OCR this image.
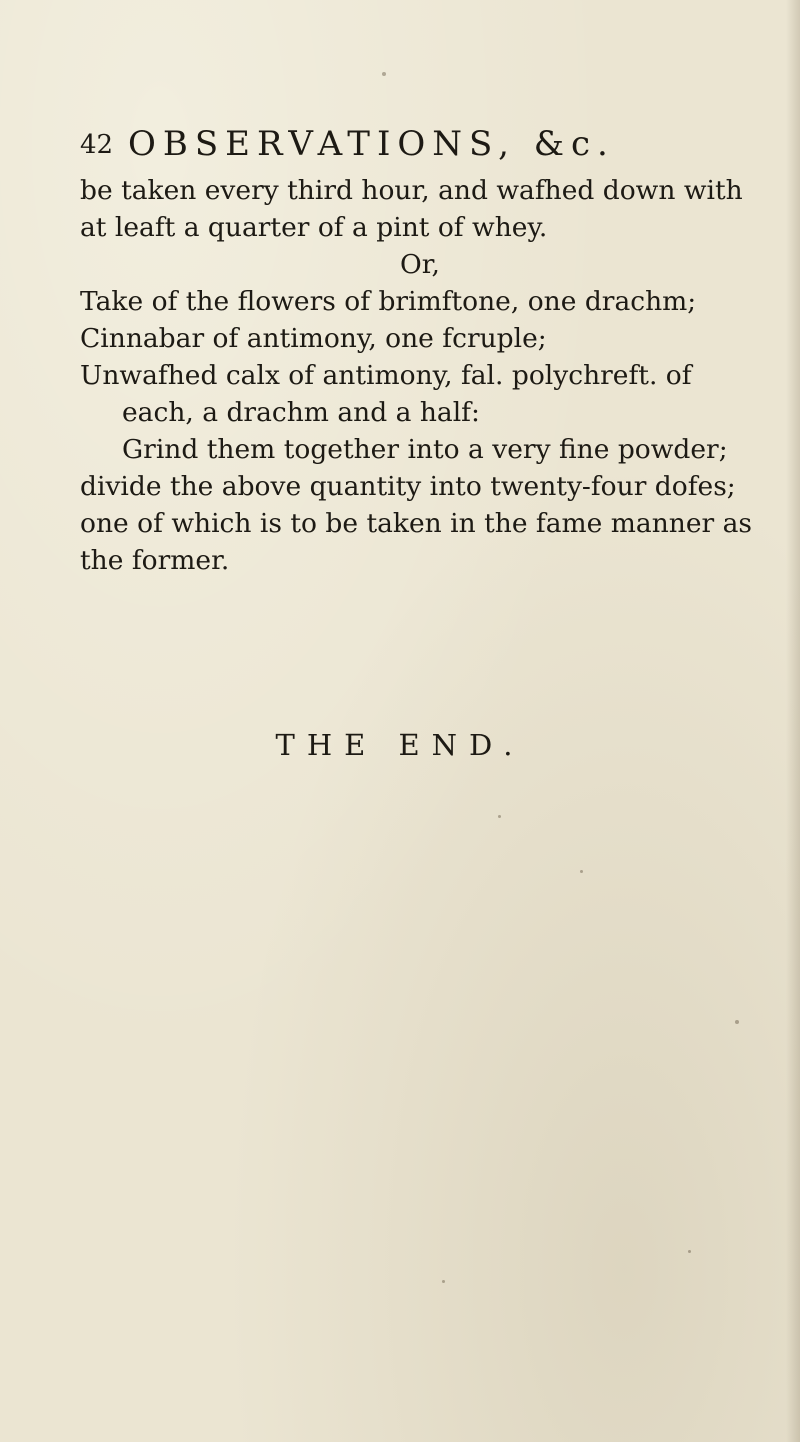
42 OBSERVATIONS, &c.
be taken every third hour, and wafhed down with
at leaft a quarter of a pint of whey.
Or,
Take of the flowers of brimftone, one drachm;
Cinnabar of antimony, one fcruple;
Unwafhed calx of antimony, fal. polychreft. of
each, a drachm and a half:
Grind them together into a very fine powder;
divide the above quantity into twenty-four dofes;
one of which is to be taken in the fame manner as
the former.
THE END.
